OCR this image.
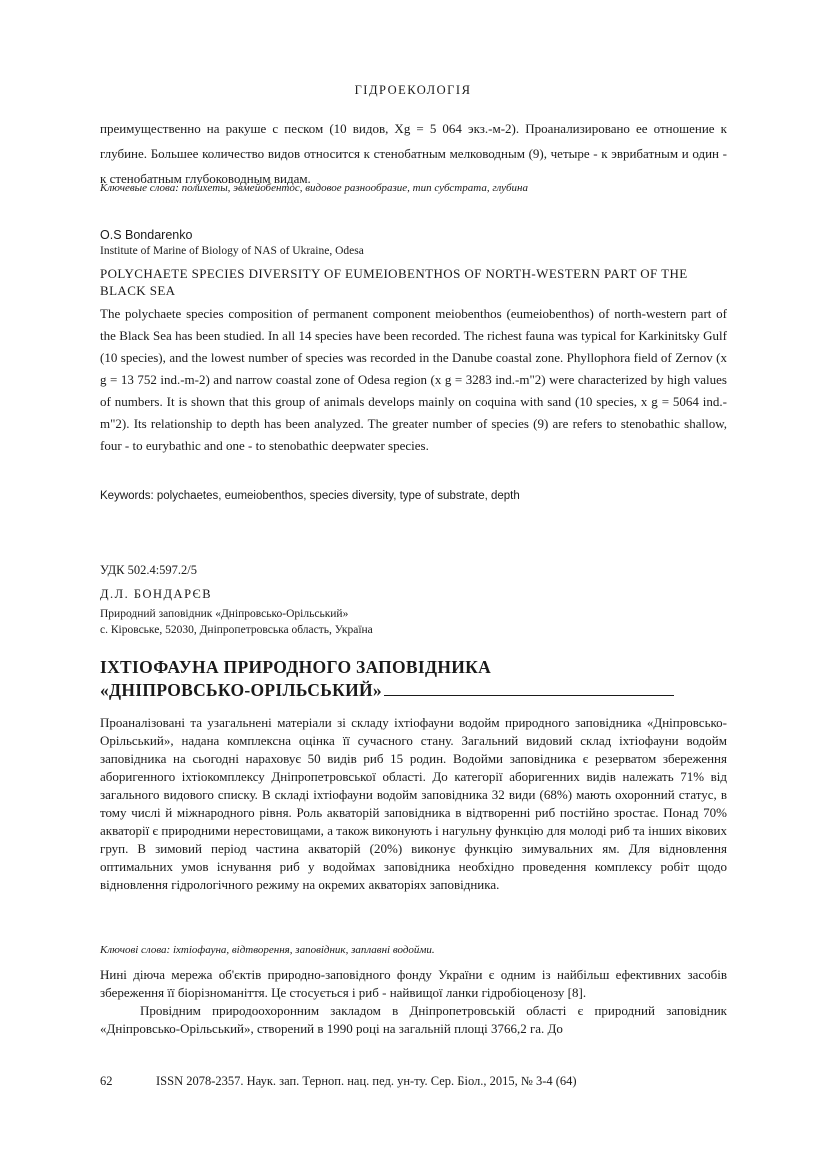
ГІДРОЕКОЛОГІЯ
преимущественно на ракуше с песком (10 видов, Xg = 5 064 экз.-м-2). Проанализировано ее отношение к глубине. Большее количество видов относится к стенобатным мелководным (9), четыре - к эврибатным и один - к стенобатным глубоководным видам.
Ключевые слова: полихеты, эвмейобентос, видовое разнообразие, тип субстрата, глубина
O.S Bondarenko
Institute of Marine of Biology of NAS of Ukraine, Odesa
POLYCHAETE SPECIES DIVERSITY OF EUMEIOBENTHOS OF NORTH-WESTERN PART OF THE BLACK SEA
The polychaete species composition of permanent component meiobenthos (eumeiobenthos) of north-western part of the Black Sea has been studied. In all 14 species have been recorded. The richest fauna was typical for Karkinitsky Gulf (10 species), and the lowest number of species was recorded in the Danube coastal zone. Phyllophora field of Zernov (x g = 13 752 ind.-m-2) and narrow coastal zone of Odesa region (x g = 3283 ind.-m"2) were characterized by high values of numbers. It is shown that this group of animals develops mainly on coquina with sand (10 species, x g = 5064 ind.-m"2). Its relationship to depth has been analyzed. The greater number of species (9) are refers to stenobathic shallow, four - to eurybathic and one - to stenobathic deepwater species.
Keywords: polychaetes, eumeiobenthos, species diversity, type of substrate, depth
УДК 502.4:597.2/5
Д.Л. БОНДАРЄВ
Природний заповідник «Дніпровсько-Орільський»
с. Кіровське, 52030, Дніпропетровська область, Україна
ІХТІОФАУНА ПРИРОДНОГО ЗАПОВІДНИКА
«ДНІПРОВСЬКО-ОРІЛЬСЬКИЙ»
Проаналізовані та узагальнені матеріали зі складу іхтіофауни водойм природного заповідника «Дніпровсько-Орільський», надана комплексна оцінка її сучасного стану. Загальний видовий склад іхтіофауни водойм заповідника на сьогодні нараховує 50 видів риб 15 родин. Водойми заповідника є резерватом збереження аборигенного іхтіокомплексу Дніпропетровської області. До категорії аборигенних видів належать 71% від загального видового списку. В складі іхтіофауни водойм заповідника 32 види (68%) мають охоронний статус, в тому числі й міжнародного рівня. Роль акваторій заповідника в відтворенні риб постійно зростає. Понад 70% акваторії є природними нерестовищами, а також виконують і нагульну функцію для молоді риб та інших вікових груп. В зимовий період частина акваторій (20%) виконує функцію зимувальних ям. Для відновлення оптимальних умов існування риб у водоймах заповідника необхідно проведення комплексу робіт щодо відновлення гідрологічного режиму на окремих акваторіях заповідника.
Ключові слова: іхтіофауна, відтворення, заповідник, заплавні водойми.

Нині діюча мережа об'єктів природно-заповідного фонду України є одним із найбільш ефективних засобів збереження її біорізноманіття. Це стосується і риб - найвищої ланки гідробіоценозу [8].

Провідним природоохоронним закладом в Дніпропетровській області є природний заповідник «Дніпровсько-Орільський», створений в 1990 році на загальній площі 3766,2 га. До

62	ISSN 2078-2357. Наук. зап. Терноп. нац. пед. ун-ту. Сер. Біол., 2015, № 3-4 (64)
